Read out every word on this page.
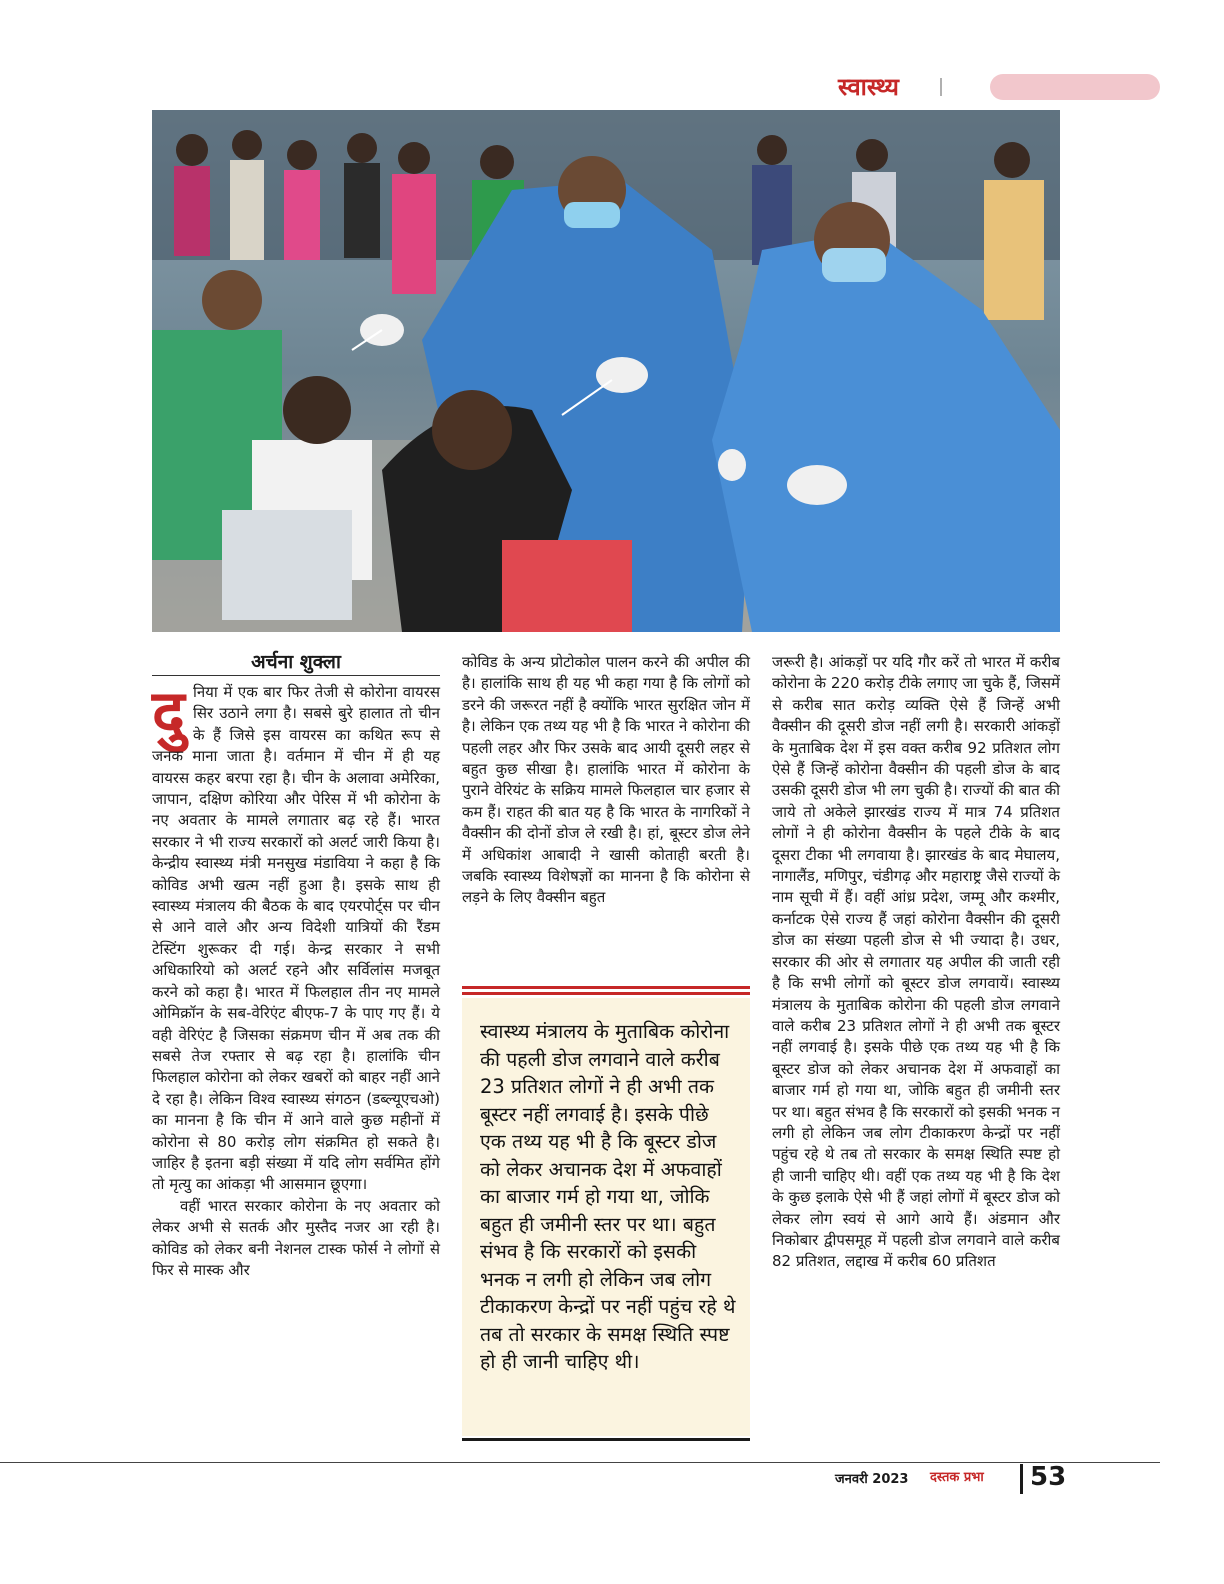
स्वास्थ्य
अर्चना शुक्ला

दुनिया में एक बार फिर तेजी से कोरोना वायरस सिर उठाने लगा है। सबसे बुरे हालात तो चीन के हैं जिसे इस वायरस का कथित रूप से जनक माना जाता है। वर्तमान में चीन में ही यह वायरस कहर बरपा रहा है। चीन के अलावा अमेरिका, जापान, दक्षिण कोरिया और पेरिस में भी कोरोना के नए अवतार के मामले लगातार बढ़ रहे हैं। भारत सरकार ने भी राज्य सरकारों को अलर्ट जारी किया है। केन्द्रीय स्वास्थ्य मंत्री मनसुख मंडाविया ने कहा है कि कोविड अभी खत्म नहीं हुआ है। इसके साथ ही स्वास्थ्य मंत्रालय की बैठक के बाद एयरपोर्ट्स पर चीन से आने वाले और अन्य विदेशी यात्रियों की रैंडम टेस्टिंग शुरूकर दी गई। केन्द्र सरकार ने सभी अधिकारियो को अलर्ट रहने और सर्विलांस मजबूत करने को कहा है। भारत में फिलहाल तीन नए मामले ओमिक्रॉन के सब-वेरिएंट बीएफ-7 के पाए गए हैं। ये वही वेरिएंट है जिसका संक्रमण चीन में अब तक की सबसे तेज रफ्तार से बढ़ रहा है। हालांकि चीन फिलहाल कोरोना को लेकर खबरों को बाहर नहीं आने दे रहा है। लेकिन विश्व स्वास्थ्य संगठन (डब्ल्यूएचओ) का मानना है कि चीन में आने वाले कुछ महीनों में कोरोना से 80 करोड़ लोग संक्रमित हो सकते है। जाहिर है इतना बड़ी संख्या में यदि लोग सर्वमित होंगे तो मृत्यु का आंकड़ा भी आसमान छूएगा।

वहीं भारत सरकार कोरोना के नए अवतार को लेकर अभी से सतर्क और मुस्तैद नजर आ रही है। कोविड को लेकर बनी नेशनल टास्क फोर्स ने लोगों से फिर से मास्क और

कोविड के अन्य प्रोटोकोल पालन करने की अपील की है। हालांकि साथ ही यह भी कहा गया है कि लोगों को डरने की जरूरत नहीं है क्योंकि भारत सुरक्षित जोन में है। लेकिन एक तथ्य यह भी है कि भारत ने कोरोना की पहली लहर और फिर उसके बाद आयी दूसरी लहर से बहुत कुछ सीखा है। हालांकि भारत में कोरोना के पुराने वेरियंट के सक्रिय मामले फिलहाल चार हजार से कम हैं। राहत की बात यह है कि भारत के नागरिकों ने वैक्सीन की दोनों डोज ले रखी है। हां, बूस्टर डोज लेने में अधिकांश आबादी ने खासी कोताही बरती है। जबकि स्वास्थ्य विशेषज्ञों का मानना है कि कोरोना से लड़ने के लिए वैक्सीन बहुत

स्वास्थ्य मंत्रालय के मुताबिक कोरोना की पहली डोज लगवाने वाले करीब 23 प्रतिशत लोगों ने ही अभी तक बूस्टर नहीं लगवाई है। इसके पीछे एक तथ्य यह भी है कि बूस्टर डोज को लेकर अचानक देश में अफवाहों का बाजार गर्म हो गया था, जोकि बहुत ही जमीनी स्तर पर था। बहुत संभव है कि सरकारों को इसकी भनक न लगी हो लेकिन जब लोग टीकाकरण केन्द्रों पर नहीं पहुंच रहे थे तब तो सरकार के समक्ष स्थिति स्पष्ट हो ही जानी चाहिए थी।

जरूरी है। आंकड़ों पर यदि गौर करें तो भारत में करीब कोरोना के 220 करोड़ टीके लगाए जा चुके हैं, जिसमें से करीब सात करोड़ व्यक्ति ऐसे हैं जिन्हें अभी वैक्सीन की दूसरी डोज नहीं लगी है। सरकारी आंकड़ों के मुताबिक देश में इस वक्त करीब 92 प्रतिशत लोग ऐसे हैं जिन्हें कोरोना वैक्सीन की पहली डोज के बाद उसकी दूसरी डोज भी लग चुकी है। राज्यों की बात की जाये तो अकेले झारखंड राज्य में मात्र 74 प्रतिशत लोगों ने ही कोरोना वैक्सीन के पहले टीके के बाद दूसरा टीका भी लगवाया है। झारखंड के बाद मेघालय, नागालैंड, मणिपुर, चंडीगढ़ और महाराष्ट्र जैसे राज्यों के नाम सूची में हैं। वहीं आंध्र प्रदेश, जम्मू और कश्मीर, कर्नाटक ऐसे राज्य हैं जहां कोरोना वैक्सीन की दूसरी डोज का संख्या पहली डोज से भी ज्यादा है। उधर, सरकार की ओर से लगातार यह अपील की जाती रही है कि सभी लोगों को बूस्टर डोज लगवायें। स्वास्थ्य मंत्रालय के मुताबिक कोरोना की पहली डोज लगवाने वाले करीब 23 प्रतिशत लोगों ने ही अभी तक बूस्टर नहीं लगवाई है। इसके पीछे एक तथ्य यह भी है कि बूस्टर डोज को लेकर अचानक देश में अफवाहों का बाजार गर्म हो गया था, जोकि बहुत ही जमीनी स्तर पर था। बहुत संभव है कि सरकारों को इसकी भनक न लगी हो लेकिन जब लोग टीकाकरण केन्द्रों पर नहीं पहुंच रहे थे तब तो सरकार के समक्ष स्थिति स्पष्ट हो ही जानी चाहिए थी। वहीं एक तथ्य यह भी है कि देश के कुछ इलाके ऐसे भी हैं जहां लोगों में बूस्टर डोज को लेकर लोग स्वयं से आगे आये हैं। अंडमान और निकोबार द्वीपसमूह में पहली डोज लगवाने वाले करीब 82 प्रतिशत, लद्दाख में करीब 60 प्रतिशत

जनवरी 2023 दस्तक प्रभा 53
